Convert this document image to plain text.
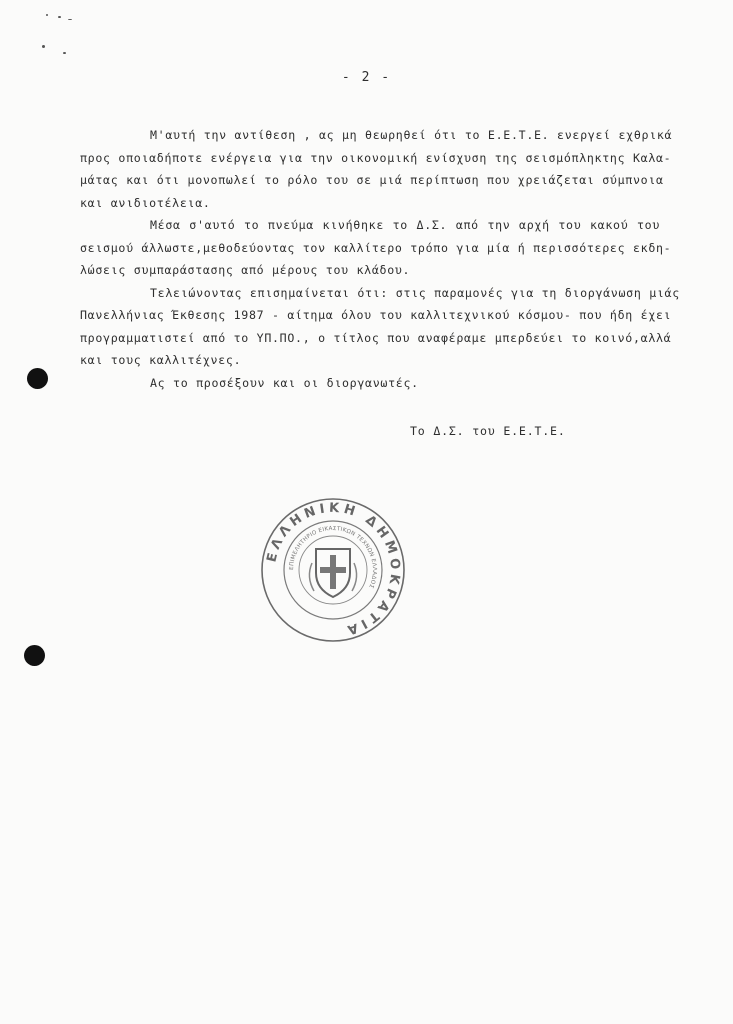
- 2 -
Μ'αυτή την αντίθεση , ας μη θεωρηθεί ότι το Ε.Ε.Τ.Ε. ενεργεί εχθρικά
προς οποιαδήποτε ενέργεια για την οικονομική ενίσχυση της σεισμόπληκτης Καλα-
μάτας και ότι μονοπωλεί το ρόλο του σε μιά περίπτωση που χρειάζεται σύμπνοια
και ανιδιοτέλεια.
Μέσα σ'αυτό το πνεύμα κινήθηκε το Δ.Σ. από την αρχή του κακού του
σεισμού άλλωστε,μεθοδεύοντας τον καλλίτερο τρόπο για μία ή περισσότερες εκδη-
λώσεις συμπαράστασης από μέρους του κλάδου.
Τελειώνοντας επισημαίνεται ότι: στις παραμονές για τη διοργάνωση μιάς
Πανελλήνιας Έκθεσης 1987 - αίτημα όλου του καλλιτεχνικού κόσμου- που ήδη έχει
προγραμματιστεί από το ΥΠ.ΠΟ., ο τίτλος που αναφέραμε μπερδεύει το κοινό,αλλά
και τους καλλιτέχνες.
Ας το προσέξουν και οι διοργανωτές.
Το Δ.Σ. του Ε.Ε.Τ.Ε.
ΕΛΛΗΝΙΚΗ ΔΗΜΟΚΡΑΤΙΑ
ΕΠΙΜΕΛΗΤΗΡΙΟ ΕΙΚΑΣΤΙΚΩΝ ΤΕΧΝΩΝ ΕΛΛΑΔΟΣ
